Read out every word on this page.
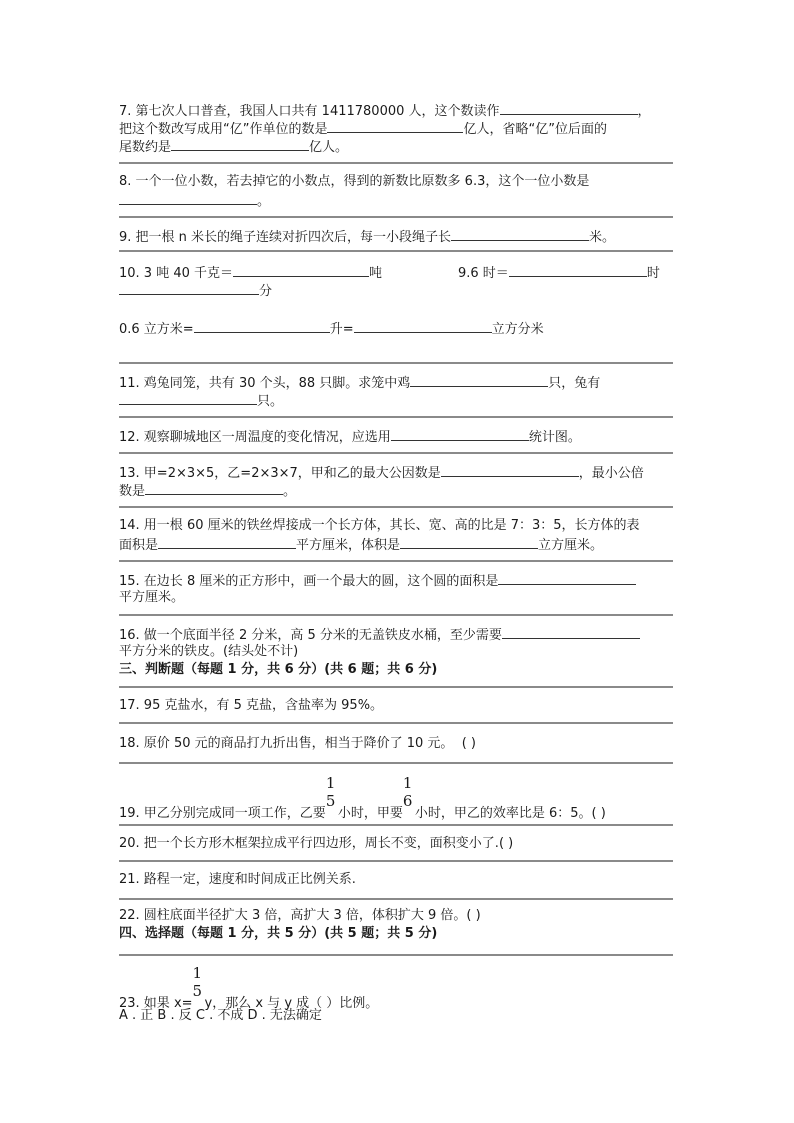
7. 第七次人口普查，我国人口共有 1411780000 人，这个数读作	，
把这个数改写成用“亿”作单位的数是	亿人，省略“亿”位后面的
尾数约是	亿人。
8. 一个一位小数，若去掉它的小数点，得到的新数比原数多 6.3，这个一位小数是
。
9. 把一根 n 米长的绳子连续对折四次后，每一小段绳子长	米。
10. 3 吨 40 千克＝	吨	9.6 时＝	时
分
0.6 立方米=	升=	立方分米
11. 鸡兔同笼，共有 30 个头，88 只脚。求笼中鸡	只，兔有
只。
12. 观察聊城地区一周温度的变化情况，应选用	统计图。
13. 甲=2×3×5，乙=2×3×7，甲和乙的最大公因数是	，最小公倍
数是	。
14. 用一根 60 厘米的铁丝焊接成一个长方体，其长、宽、高的比是 7：3：5，长方体的表
面积是	平方厘米，体积是	立方厘米。
15. 在边长 8 厘米的正方形中，画一个最大的圆，这个圆的面积是
平方厘米。
16. 做一个底面半径 2 分米，高 5 分米的无盖铁皮水桶，至少需要
平方分米的铁皮。(结头处不计)
三、判断题（每题 1 分，共 6 分）(共 6 题；共 6 分)
17. 95 克盐水，有 5 克盐，含盐率为 95%。
18. 原价 50 元的商品打九折出售，相当于降价了 10 元。 ( )
19. 甲乙分别完成同一项工作，乙要
1
5
小时，甲要
1
6
小时，甲乙的效率比是 6：5。( )
20. 把一个长方形木框架拉成平行四边形，周长不变，面积变小了.( )
21. 路程一定，速度和时间成正比例关系.
22. 圆柱底面半径扩大 3 倍，高扩大 3 倍，体积扩大 9 倍。( )
四、选择题（每题 1 分，共 5 分）(共 5 题；共 5 分)
23. 如果 x=
1
5
y，那么 x 与 y 成（ ）比例。
A . 正 B . 反 C . 不成 D . 无法确定
